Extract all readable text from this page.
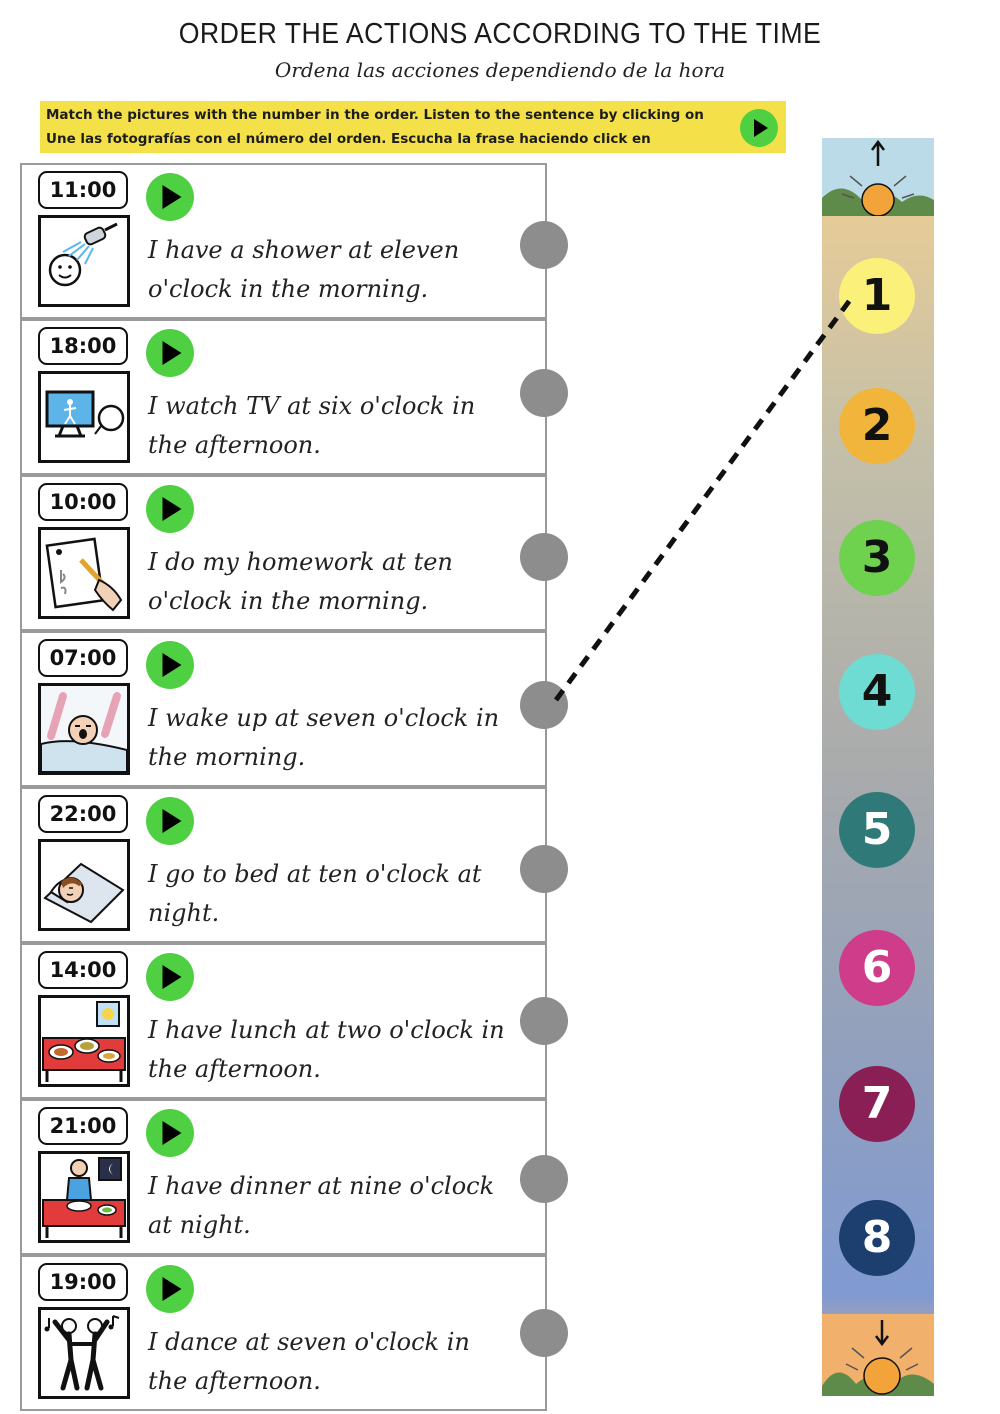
ORDER THE ACTIONS ACCORDING TO THE TIME
Ordena las acciones dependiendo de la hora
Match the pictures with the number in the order. Listen to the sentence by clicking on
Une las fotografías con el número del orden. Escucha la frase haciendo click en
11:00
I have a shower at eleven o'clock in the morning.
18:00
I watch TV at six o'clock in the afternoon.
10:00
I do my homework at ten o'clock in the morning.
07:00
I wake up at seven o'clock in the morning.
22:00
I go to bed at ten o'clock at night.
14:00
I have lunch at two o'clock in the afternoon.
21:00
I have dinner at nine o'clock at night.
19:00
I dance at seven o'clock in the afternoon.
1
2
3
4
5
6
7
8
